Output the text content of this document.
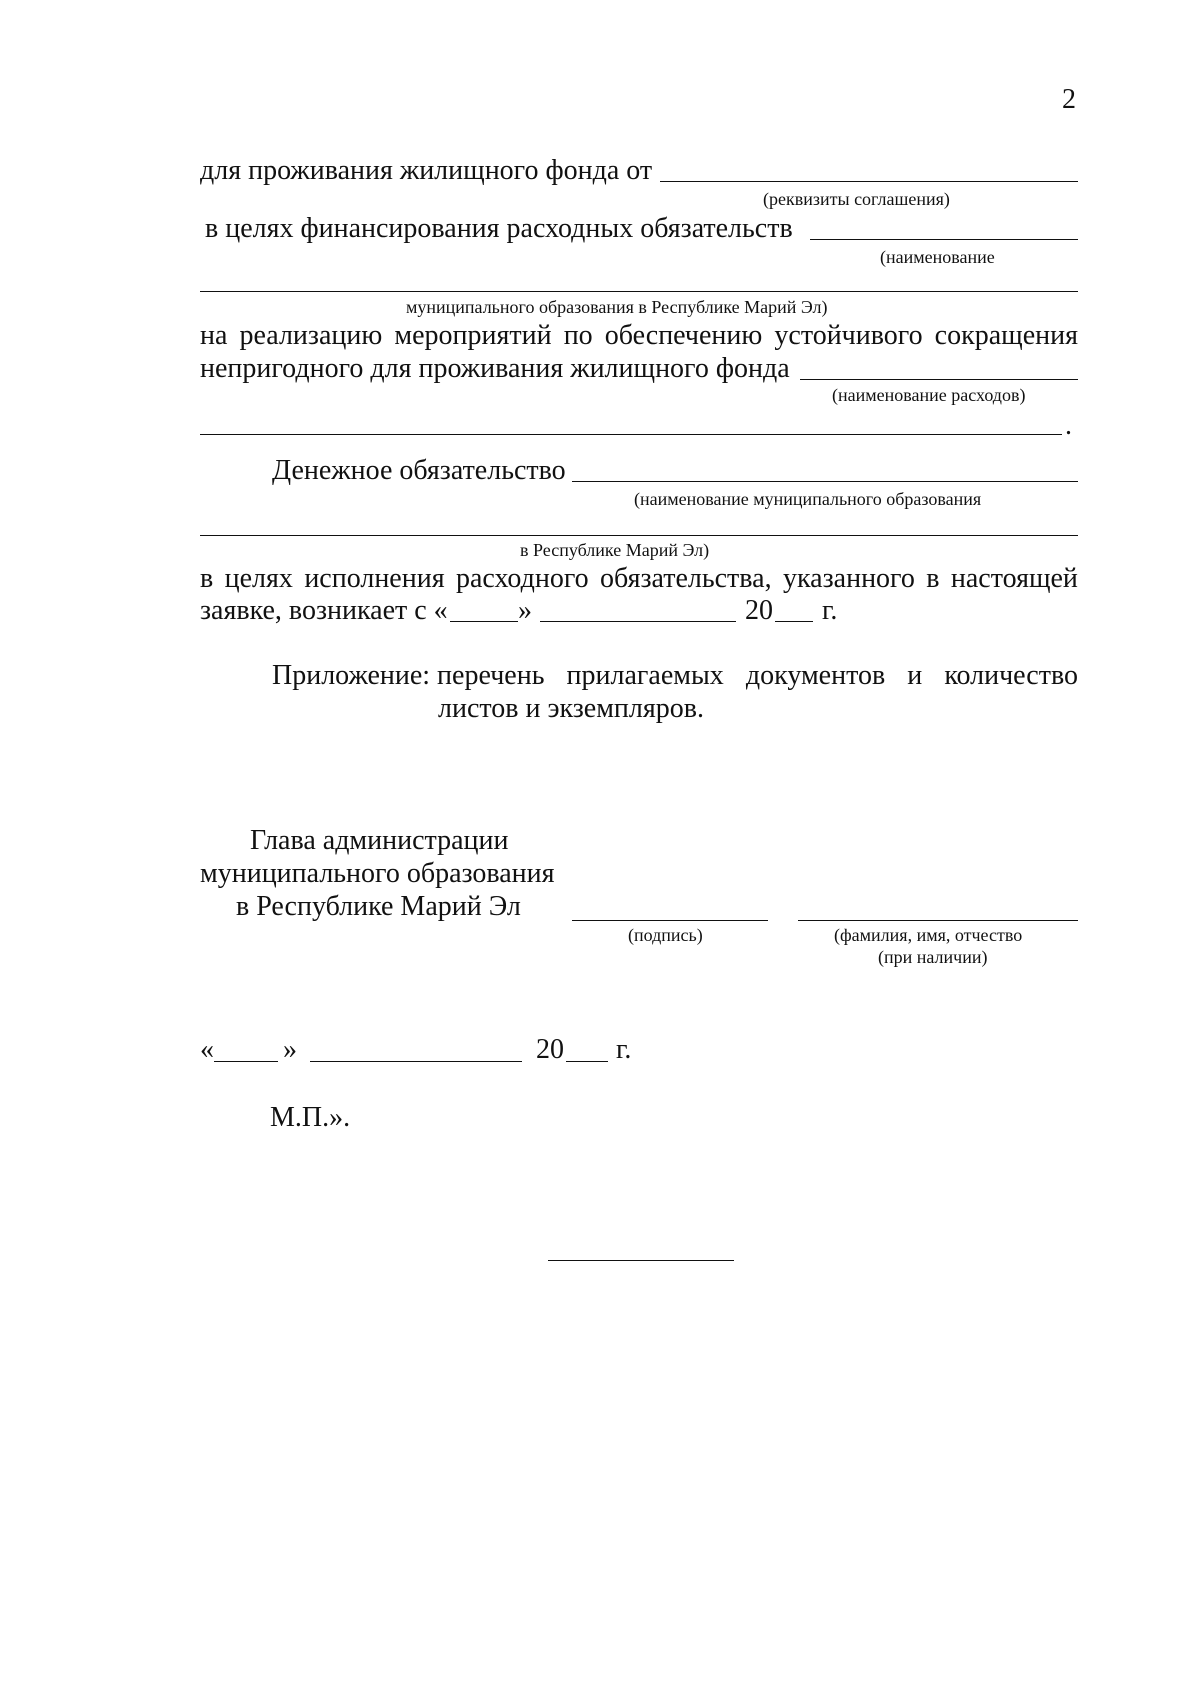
2
для проживания жилищного фонда от
(реквизиты соглашения)
в целях финансирования расходных обязательств
(наименование
муниципального образования в Республике Марий Эл)
на реализацию мероприятий по обеспечению устойчивого сокращения
непригодного для проживания жилищного фонда
(наименование расходов)
.
Денежное обязательство
(наименование муниципального образования
в Республике Марий Эл)
в целях исполнения расходного обязательства, указанного в настоящей
заявке, возникает с «	»	20 г.
Приложение: перечень прилагаемых документов и количество
листов и экземпляров.
Глава администрации
муниципального образования
в Республике Марий Эл
(подпись)	(фамилия, имя, отчество
(при наличии)
« »	20 г.
М.П.».
